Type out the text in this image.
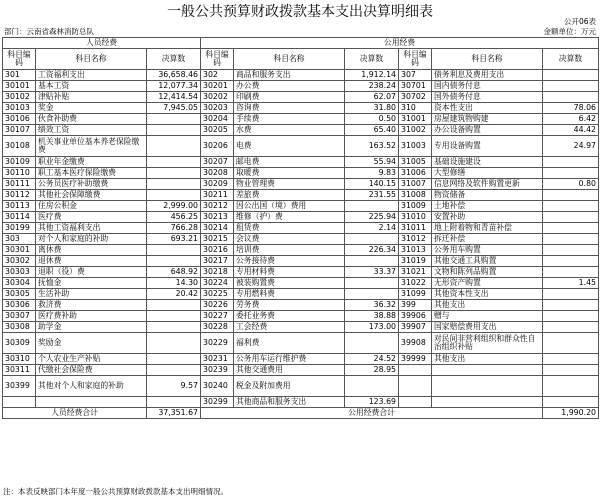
一般公共预算财政拨款基本支出决算明细表
公开06表
部门：云南省森林消防总队	金额单位：万元
人员经费			公用经费					
科目编码	科目名称	决算数	科目编码	科目名称	决算数	科目编码	科目名称	决算数
301	工资福利支出	36,658.46	302	商品和服务支出	1,912.14	307	债务利息及费用支出	
30101	基本工资	12,077.34	30201	办公费	238.24	30701	国内债务付息	
30102	津贴补贴	12,414.54	30202	印刷费	62.07	30702	国外债务付息	
30103	奖金	7,945.05	30203	咨询费	31.80	310	资本性支出	78.06
30106	伙食补助费		30204	手续费	0.50	31001	房屋建筑物购建	6.42
30107	绩效工资		30205	水费	65.40	31002	办公设备购置	44.42
30108	机关事业单位基本养老保险缴费		30206	电费	163.52	31003	专用设备购置	24.97
30109	职业年金缴费		30207	邮电费	55.94	31005	基础设施建设	
30110	职工基本医疗保险缴费		30208	取暖费	9.83	31006	大型修缮	
30111	公务员医疗补助缴费		30209	物业管理费	140.15	31007	信息网络及软件购置更新	0.80
30112	其他社会保障缴费		30211	差旅费	231.55	31008	物资储备	
30113	住房公积金	2,999.00	30212	因公出国（境）费用		31009	土地补偿	
30114	医疗费	456.25	30213	维修（护）费	225.94	31010	安置补助	
30199	其他工资福利支出	766.28	30214	租赁费	2.14	31011	地上附着物和青苗补偿	
303	对个人和家庭的补助	693.21	30215	会议费		31012	拆迁补偿	
30301	离休费		30216	培训费	226.34	31013	公务用车购置	
30302	退休费		30217	公务接待费		31019	其他交通工具购置	
30303	退职（役）费	648.92	30218	专用材料费	33.37	31021	文物和陈列品购置	
30304	抚恤金	14.30	30224	被装购置费		31022	无形资产购置	1.45
30305	生活补助	20.42	30225	专用燃料费		31099	其他资本性支出	
30306	救济费		30226	劳务费	36.32	399	其他支出	
30307	医疗费补助		30227	委托业务费	38.88	39906	赠与	
30308	助学金		30228	工会经费	173.00	39907	国家赔偿费用支出	
30309	奖励金		30229	福利费		39908	对民间非营利组织和群众性自治组织补贴	
30310	个人农业生产补贴		30231	公务用车运行维护费	24.52	39999	其他支出	
30311	代缴社会保险费		30239	其他交通费用	28.95			
30399	其他对个人和家庭的补助	9.57	30240	税金及附加费用				
			30299	其他商品和服务支出	123.69			
人员经费合计		37,351.67	公用经费合计					1,990.20
注：本表反映部门本年度一般公共预算财政拨款基本支出明细情况。
